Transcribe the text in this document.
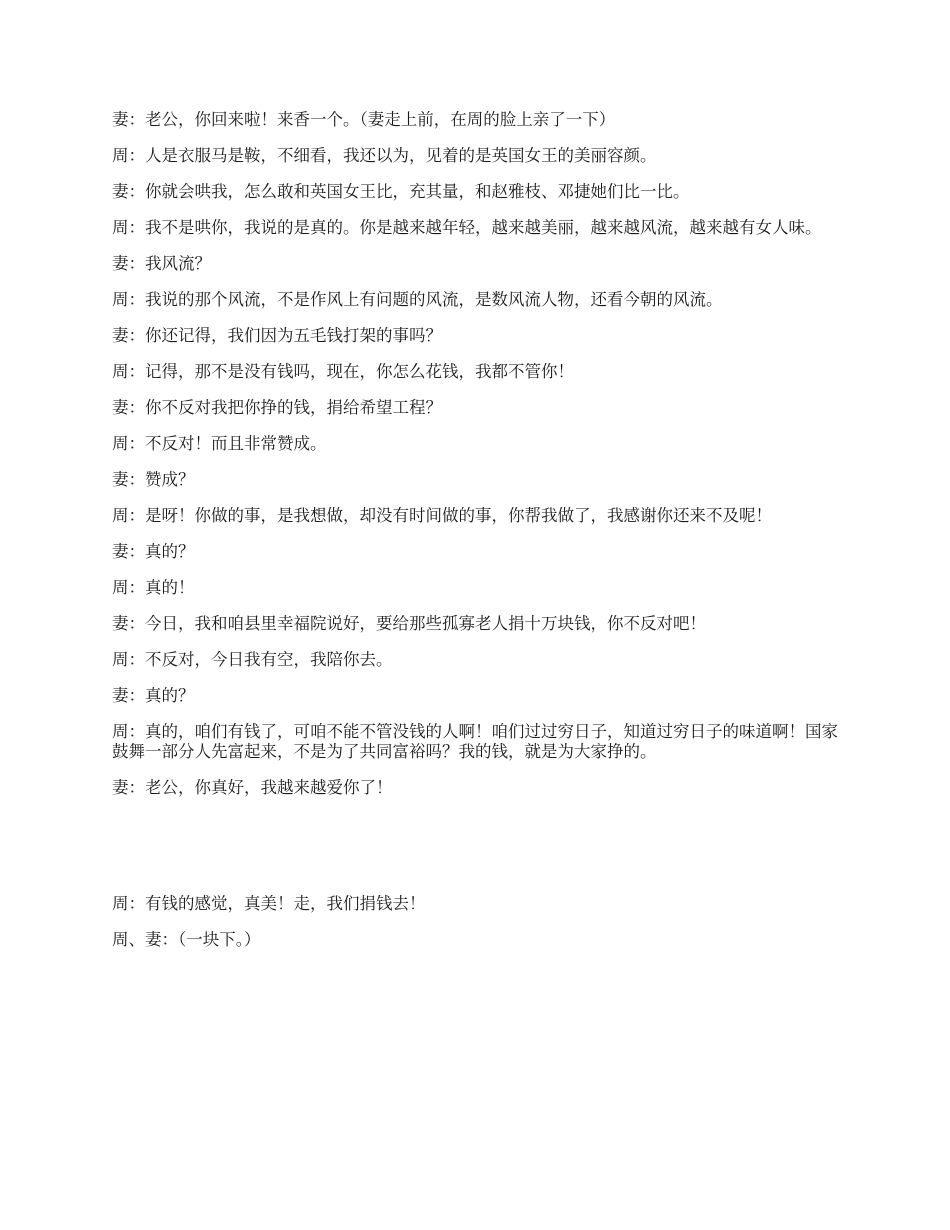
妻：老公，你回来啦！来香一个。（妻走上前，在周的脸上亲了一下）

周：人是衣服马是鞍，不细看，我还以为，见着的是英国女王的美丽容颜。

妻：你就会哄我，怎么敢和英国女王比，充其量，和赵雅枝、邓捷她们比一比。

周：我不是哄你，我说的是真的。你是越来越年轻，越来越美丽，越来越风流，越来越有女人味。

妻：我风流？

周：我说的那个风流，不是作风上有问题的风流，是数风流人物，还看今朝的风流。

妻：你还记得，我们因为五毛钱打架的事吗？

周：记得，那不是没有钱吗，现在，你怎么花钱，我都不管你！

妻：你不反对我把你挣的钱，捐给希望工程？

周：不反对！而且非常赞成。

妻：赞成？

周：是呀！你做的事，是我想做，却没有时间做的事，你帮我做了，我感谢你还来不及呢！

妻：真的？

周：真的！

妻：今日，我和咱县里幸福院说好，要给那些孤寡老人捐十万块钱，你不反对吧！

周：不反对，今日我有空，我陪你去。

妻：真的？

周：真的，咱们有钱了，可咱不能不管没钱的人啊！咱们过过穷日子，知道过穷日子的味道啊！国家鼓舞一部分人先富起来，不是为了共同富裕吗？我的钱，就是为大家挣的。

妻：老公，你真好，我越来越爱你了！

周：有钱的感觉，真美！走，我们捐钱去！

周、妻：（一块下。）
